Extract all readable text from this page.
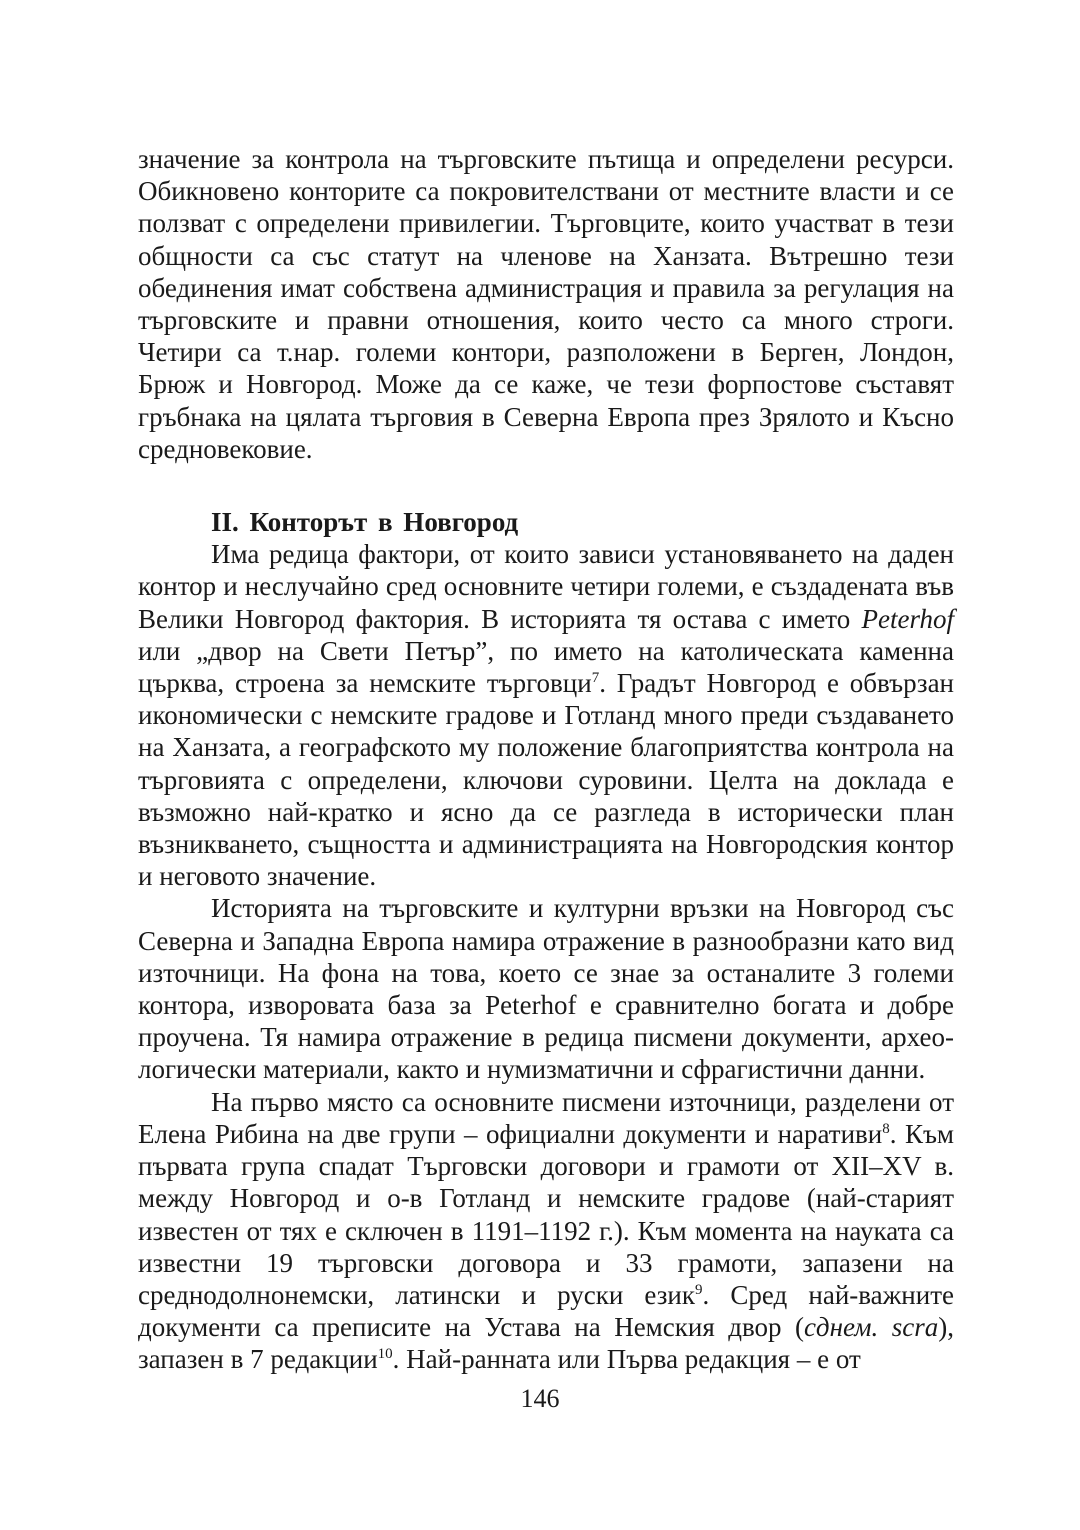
значение за контрола на търговските пътища и определени ресурси. Обикновено конторите са покровителствани от местните власти и се ползват с определени привилегии. Търговците, които участват в тези общности са със статут на членове на Ханзата. Вътрешно тези обединения имат собствена администрация и правила за регулация на търговските и правни отношения, които често са много строги. Четири са т.нар. големи контори, разположени в Берген, Лондон, Брюж и Новгород. Може да се каже, че тези форпостове съставят гръбнака на цялата търговия в Северна Европа през Зрялото и Късно средновековие.

II. Конторът в Новгород

Има редица фактори, от които зависи установяването на даден контор и неслучайно сред основните четири големи, е създадената във Велики Новгород фактория. В историята тя остава с името Peterhof или „двор на Свети Петър”, по името на католическата каменна църква, строена за немските търговци$^7$. Градът Новгород е обвързан икономически с немските градове и Готланд много преди създаването на Ханзата, а географското му положение благоприятства контрола на търговията с определени, ключови суровини. Целта на доклада е възможно най-кратко и ясно да се разгледа в исторически план възникването, същността и администрацията на Новгородския контор и неговото значение.

Историята на търговските и културни връзки на Новгород със Северна и Западна Европа намира отражение в разнообразни като вид източници. На фона на това, което се знае за останалите 3 големи контора, изворовата база за Peterhof е сравнително богата и добре проучена. Тя намира отражение в редица писмени документи, археологически материали, както и нумизматични и сфрагистични данни.

На първо място са основните писмени източници, разделени от Елена Рибина на две групи – официални документи и наративи$^8$. Към първата група спадат Търговски договори и грамоти от XII–XV в. между Новгород и о-в Готланд и немските градове (най-старият известен от тях е сключен в 1191–1192 г.). Към момента на науката са известни 19 търговски договора и 33 грамоти, запазени на среднодолнонемски, латински и руски език$^9$. Сред най-важните документи са преписите на Устава на Немския двор (сднем. scra), запазен в 7 редакции$^{10}$. Най-ранната или Първа редакция – е от

146
